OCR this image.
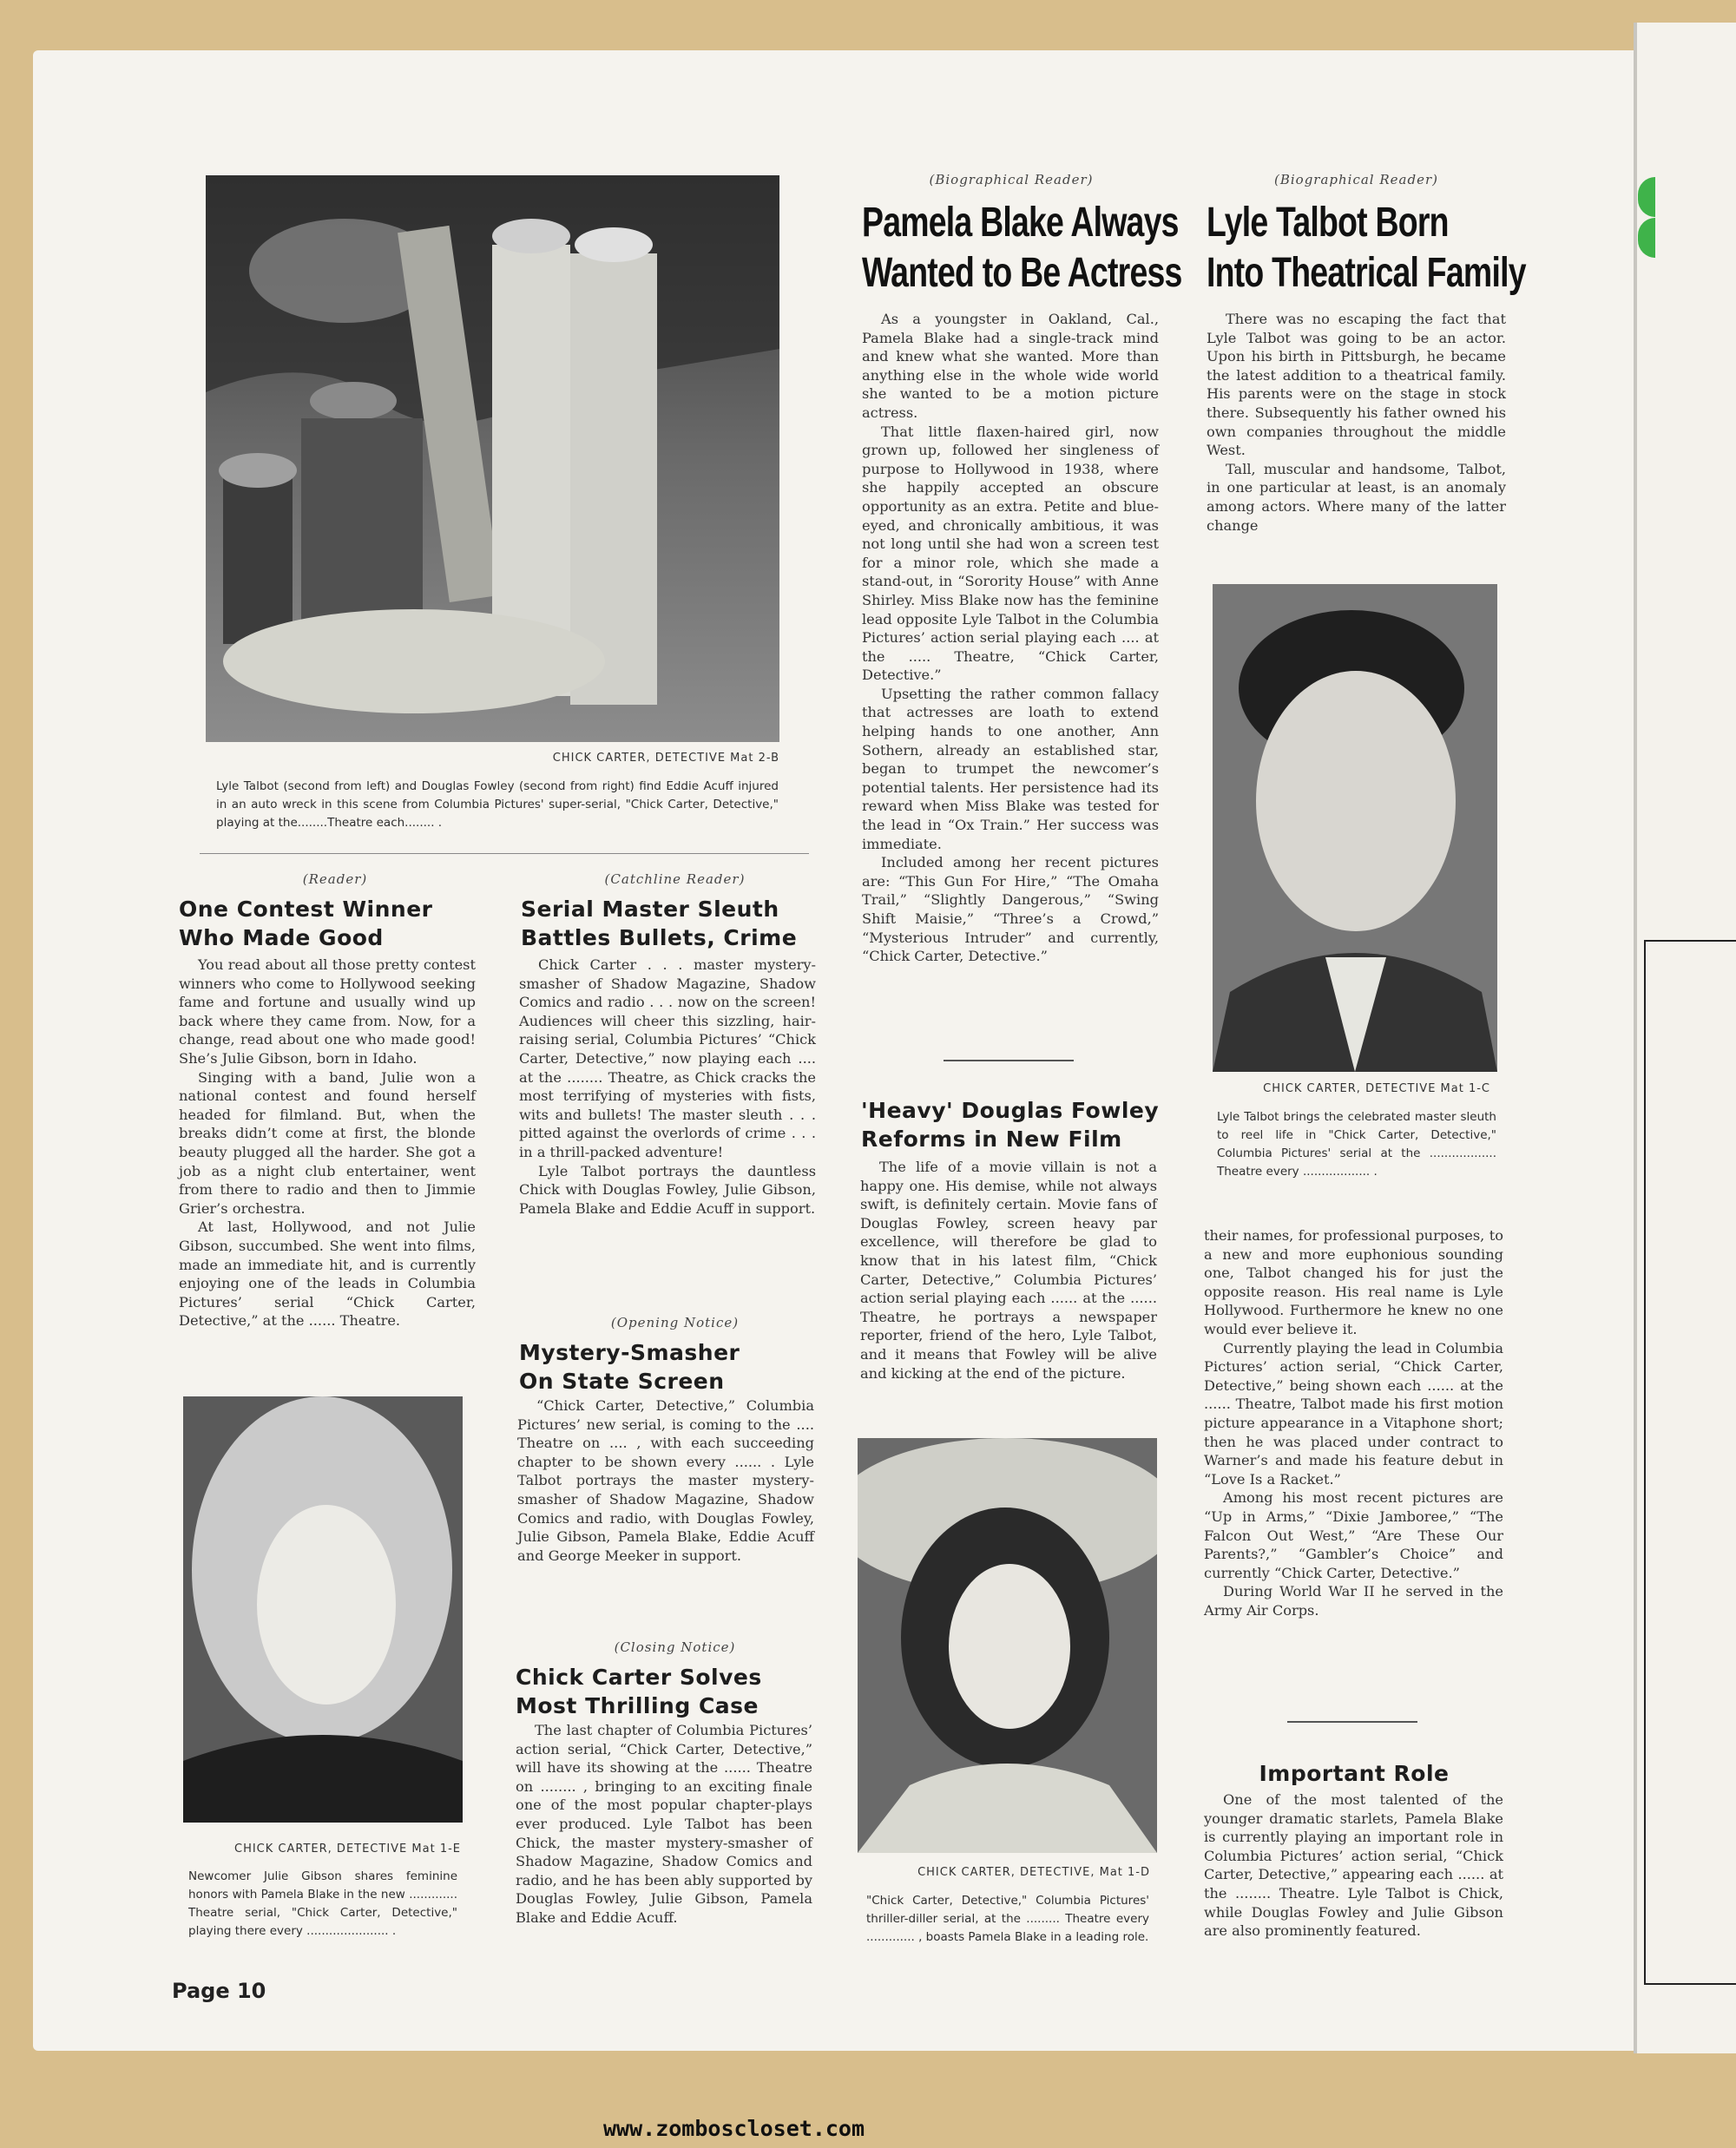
CHICK CARTER, DETECTIVE Mat 2-B
Lyle Talbot (second from left) and Douglas Fowley (second from right) find Eddie Acuff injured in an auto wreck in this scene from Columbia Pictures' super-serial, "Chick Carter, Detective," playing at the........Theatre each........ .
(Biographical Reader)
Pamela Blake Always
Wanted to Be Actress

As a youngster in Oakland, Cal., Pamela Blake had a single-track mind and knew what she wanted. More than anything else in the whole wide world she wanted to be a motion picture actress.

That little flaxen-haired girl, now grown up, followed her singleness of purpose to Hollywood in 1938, where she happily accepted an obscure opportunity as an extra. Petite and blue-eyed, and chronically ambitious, it was not long until she had won a screen test for a minor role, which she made a stand-out, in “Sorority House” with Anne Shirley. Miss Blake now has the feminine lead opposite Lyle Talbot in the Columbia Pictures’ action serial playing each .... at the ..... Theatre, “Chick Carter, Detective.”

Upsetting the rather common fallacy that actresses are loath to extend helping hands to one another, Ann Sothern, already an established star, began to trumpet the newcomer’s potential talents. Her persistence had its reward when Miss Blake was tested for the lead in “Ox Train.” Her success was immediate.

Included among her recent pictures are: “This Gun For Hire,” “The Omaha Trail,” “Slightly Dangerous,” “Swing Shift Maisie,” “Three’s a Crowd,” “Mysterious Intruder” and currently, “Chick Carter, Detective.”

'Heavy' Douglas Fowley
Reforms in New Film

The life of a movie villain is not a happy one. His demise, while not always swift, is definitely certain. Movie fans of Douglas Fowley, screen heavy par excellence, will therefore be glad to know that in his latest film, “Chick Carter, Detective,” Columbia Pictures’ action serial playing each ...... at the ...... Theatre, he portrays a newspaper reporter, friend of the hero, Lyle Talbot, and it means that Fowley will be alive and kicking at the end of the picture.

CHICK CARTER, DETECTIVE, Mat 1-D
"Chick Carter, Detective," Columbia Pictures' thriller-diller serial, at the ......... Theatre every ............. , boasts Pamela Blake in a leading role.
(Biographical Reader)
Lyle Talbot Born
Into Theatrical Family

There was no escaping the fact that Lyle Talbot was going to be an actor. Upon his birth in Pittsburgh, he became the latest addition to a theatrical family. His parents were on the stage in stock there. Subsequently his father owned his own companies throughout the middle West.

Tall, muscular and handsome, Talbot, in one particular at least, is an anomaly among actors. Where many of the latter change

CHICK CARTER, DETECTIVE Mat 1-C
Lyle Talbot brings the celebrated master sleuth to reel life in "Chick Carter, Detective," Columbia Pictures' serial at the .................. Theatre every .................. .

their names, for professional purposes, to a new and more euphonious sounding one, Talbot changed his for just the opposite reason. His real name is Lyle Hollywood. Furthermore he knew no one would ever believe it.

Currently playing the lead in Columbia Pictures’ action serial, “Chick Carter, Detective,” being shown each ...... at the ...... Theatre, Talbot made his first motion picture appearance in a Vitaphone short; then he was placed under contract to Warner’s and made his feature debut in “Love Is a Racket.”

Among his most recent pictures are “Up in Arms,” “Dixie Jamboree,” “The Falcon Out West,” “Are These Our Parents?,” “Gambler’s Choice” and currently “Chick Carter, Detective.”

During World War II he served in the Army Air Corps.

Important Role

One of the most talented of the younger dramatic starlets, Pamela Blake is currently playing an important role in Columbia Pictures’ action serial, “Chick Carter, Detective,” appearing each ...... at the ........ Theatre. Lyle Talbot is Chick, while Douglas Fowley and Julie Gibson are also prominently featured.

(Reader)
One Contest Winner
Who Made Good

You read about all those pretty contest winners who come to Hollywood seeking fame and fortune and usually wind up back where they came from. Now, for a change, read about one who made good! She’s Julie Gibson, born in Idaho.

Singing with a band, Julie won a national contest and found herself headed for filmland. But, when the breaks didn’t come at first, the blonde beauty plugged all the harder. She got a job as a night club entertainer, went from there to radio and then to Jimmie Grier’s orchestra.

At last, Hollywood, and not Julie Gibson, succumbed. She went into films, made an immediate hit, and is currently enjoying one of the leads in Columbia Pictures’ serial “Chick Carter, Detective,” at the ...... Theatre.

CHICK CARTER, DETECTIVE Mat 1-E
Newcomer Julie Gibson shares feminine honors with Pamela Blake in the new ............. Theatre serial, "Chick Carter, Detective," playing there every ...................... .
(Catchline Reader)
Serial Master Sleuth
Battles Bullets, Crime

Chick Carter . . . master mystery-smasher of Shadow Magazine, Shadow Comics and radio . . . now on the screen! Audiences will cheer this sizzling, hair-raising serial, Columbia Pictures’ “Chick Carter, Detective,” now playing each .... at the ........ Theatre, as Chick cracks the most terrifying of mysteries with fists, wits and bullets! The master sleuth . . . pitted against the overlords of crime . . . in a thrill-packed adventure!

Lyle Talbot portrays the dauntless Chick with Douglas Fowley, Julie Gibson, Pamela Blake and Eddie Acuff in support.

(Opening Notice)
Mystery-Smasher
On State Screen

“Chick Carter, Detective,” Columbia Pictures’ new serial, is coming to the .... Theatre on .... , with each succeeding chapter to be shown every ...... . Lyle Talbot portrays the master mystery-smasher of Shadow Magazine, Shadow Comics and radio, with Douglas Fowley, Julie Gibson, Pamela Blake, Eddie Acuff and George Meeker in support.

(Closing Notice)
Chick Carter Solves
Most Thrilling Case

The last chapter of Columbia Pictures’ action serial, “Chick Carter, Detective,” will have its showing at the ...... Theatre on ........ , bringing to an exciting finale one of the most popular chapter-plays ever produced. Lyle Talbot has been Chick, the master mystery-smasher of Shadow Magazine, Shadow Comics and radio, and he has been ably supported by Douglas Fowley, Julie Gibson, Pamela Blake and Eddie Acuff.

Page 10
www.zomboscloset.com
